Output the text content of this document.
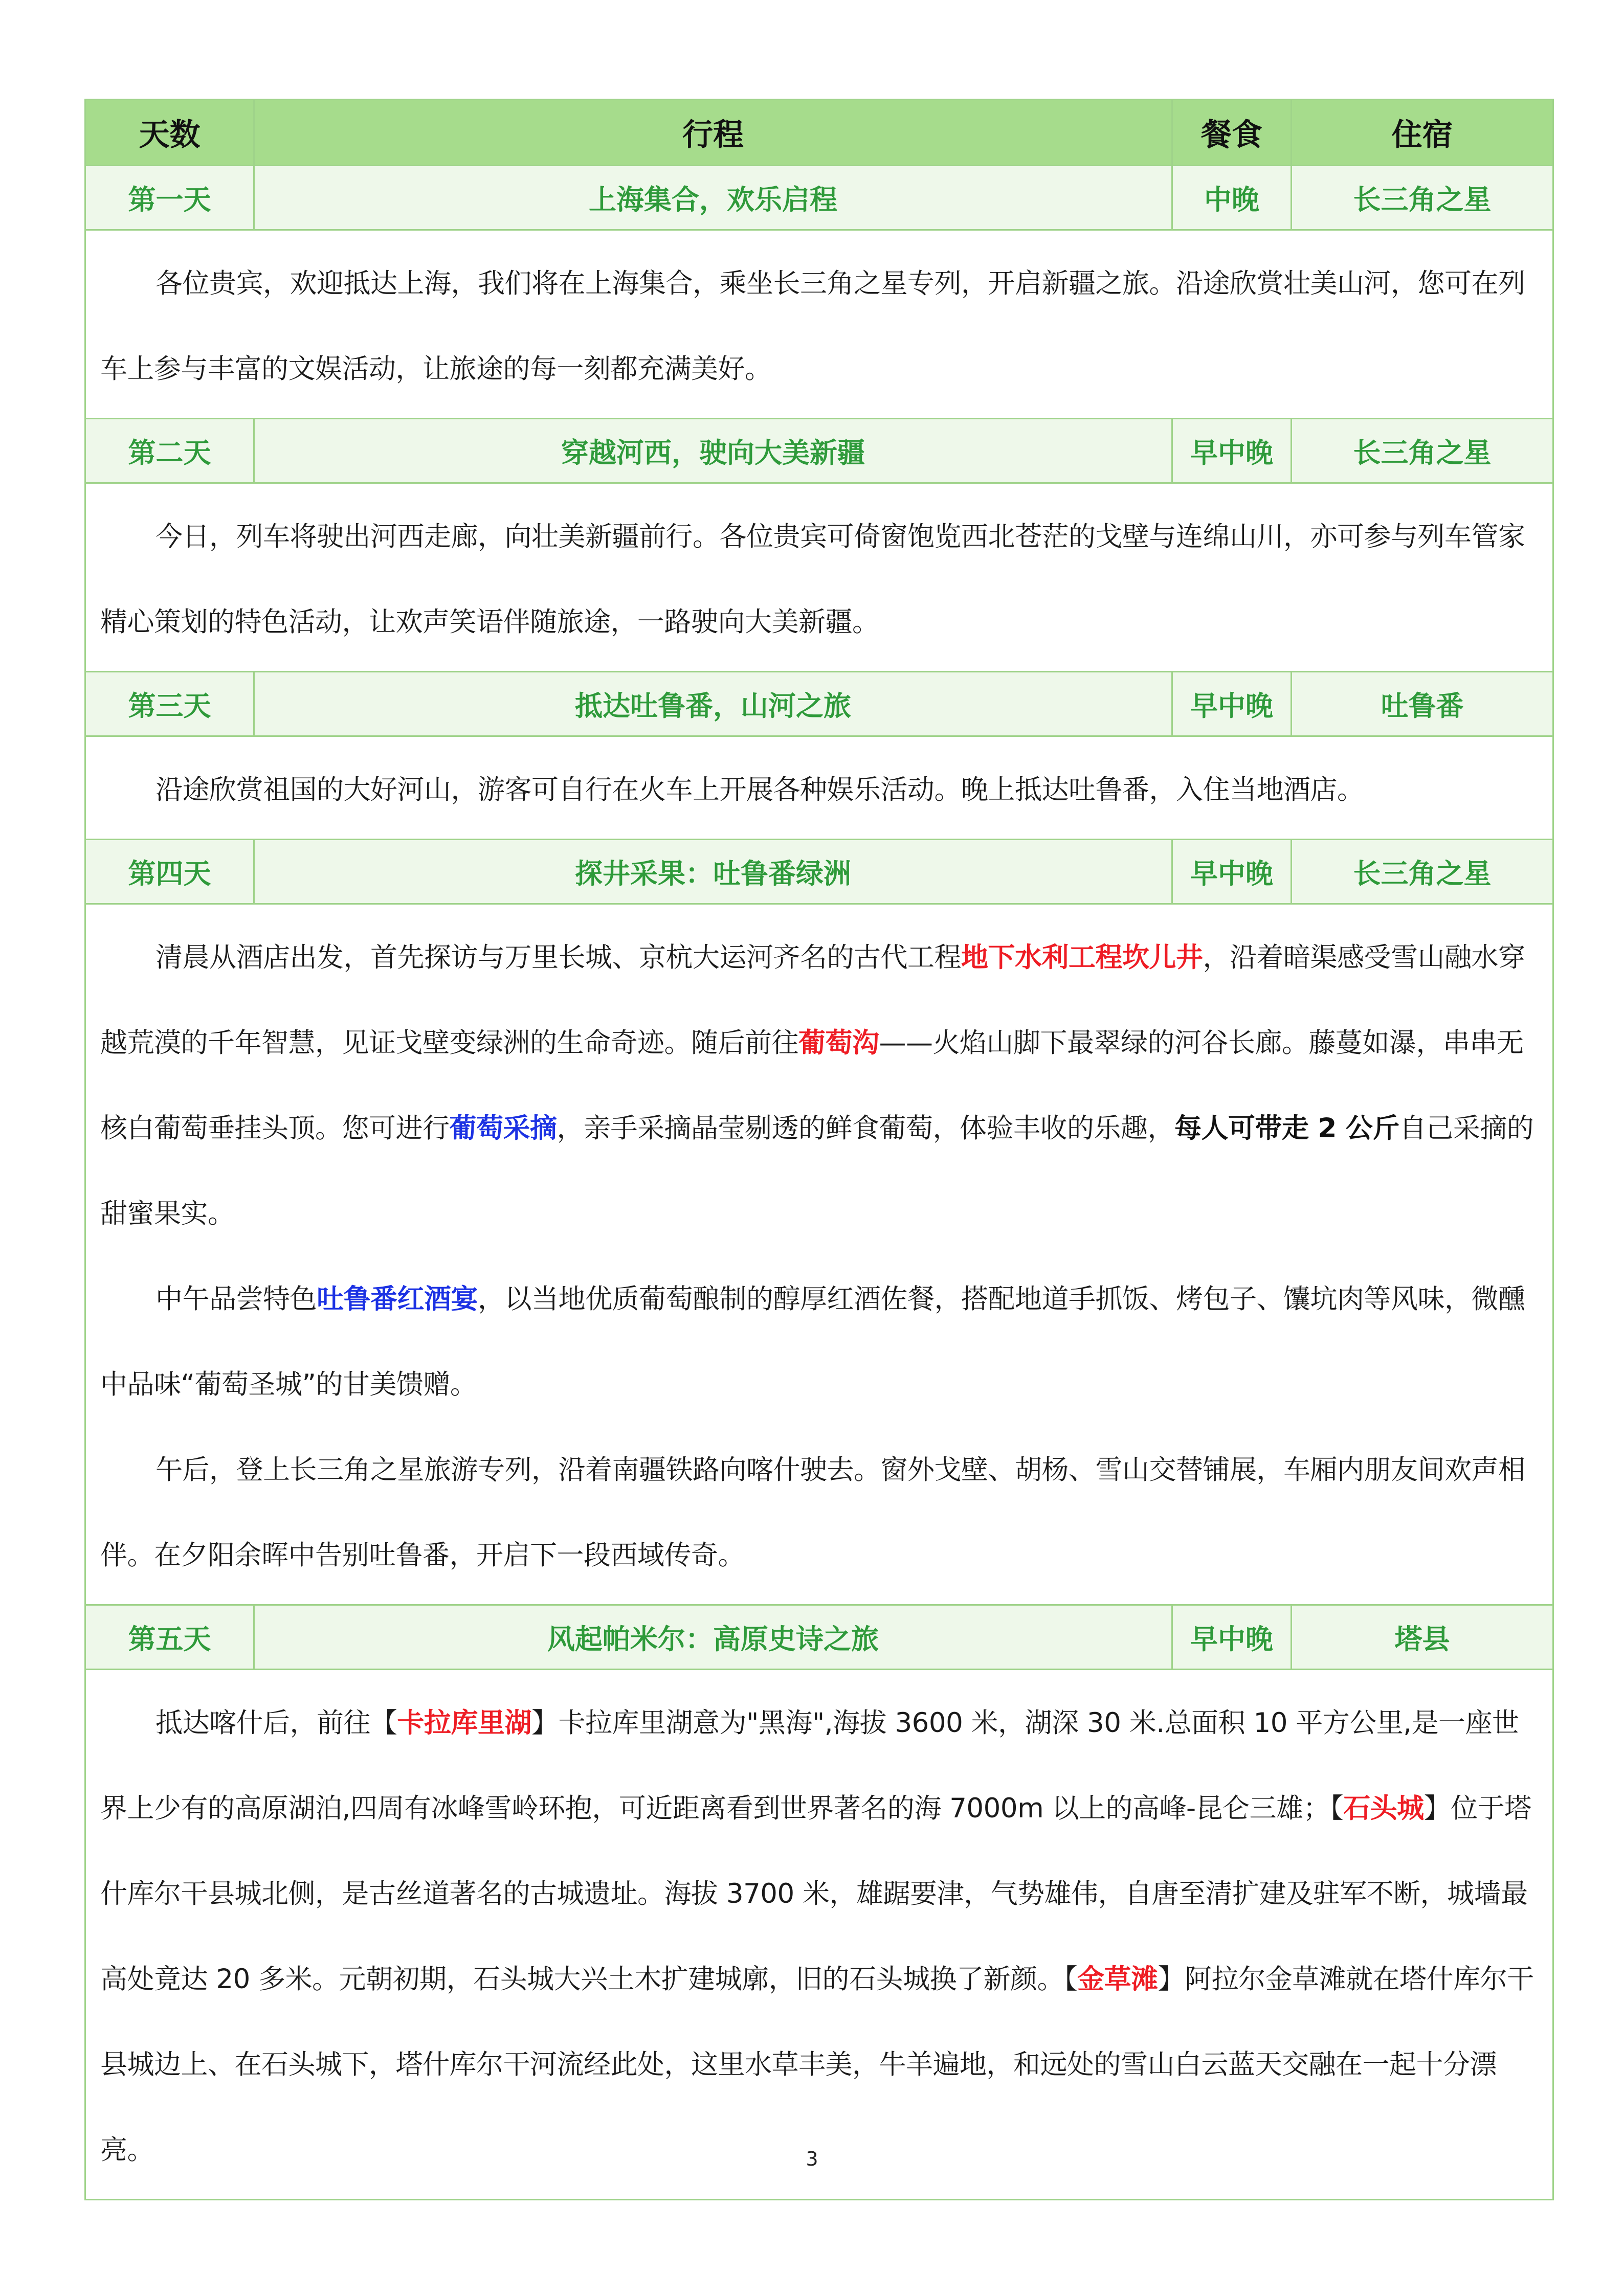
天数	行程	餐食	住宿
第一天	上海集合，欢乐启程	中晚	长三角之星

各位贵宾，欢迎抵达上海，我们将在上海集合，乘坐长三角之星专列，开启新疆之旅。沿途欣赏壮美山河，您可在列车上参与丰富的文娱活动，让旅途的每一刻都充满美好。			

第二天	穿越河西，驶向大美新疆	早中晚	长三角之星

今日，列车将驶出河西走廊，向壮美新疆前行。各位贵宾可倚窗饱览西北苍茫的戈壁与连绵山川，亦可参与列车管家精心策划的特色活动，让欢声笑语伴随旅途，一路驶向大美新疆。			

第三天	抵达吐鲁番，山河之旅	早中晚	吐鲁番

沿途欣赏祖国的大好河山，游客可自行在火车上开展各种娱乐活动。晚上抵达吐鲁番，入住当地酒店。			

第四天	探井采果：吐鲁番绿洲	早中晚	长三角之星

清晨从酒店出发，首先探访与万里长城、京杭大运河齐名的古代工程地下水利工程坎儿井，沿着暗渠感受雪山融水穿越荒漠的千年智慧，见证戈壁变绿洲的生命奇迹。随后前往葡萄沟——火焰山脚下最翠绿的河谷长廊。藤蔓如瀑，串串无核白葡萄垂挂头顶。您可进行葡萄采摘，亲手采摘晶莹剔透的鲜食葡萄，体验丰收的乐趣，每人可带走 2 公斤自己采摘的甜蜜果实。

中午品尝特色吐鲁番红酒宴，以当地优质葡萄酿制的醇厚红酒佐餐，搭配地道手抓饭、烤包子、馕坑肉等风味，微醺中品味“葡萄圣城”的甘美馈赠。

午后，登上长三角之星旅游专列，沿着南疆铁路向喀什驶去。窗外戈壁、胡杨、雪山交替铺展，车厢内朋友间欢声相伴。在夕阳余晖中告别吐鲁番，开启下一段西域传奇。			

第五天	风起帕米尔：高原史诗之旅	早中晚	塔县

抵达喀什后，前往【卡拉库里湖】卡拉库里湖意为"黑海",海拔 3600 米，湖深 30 米.总面积 10 平方公里,是一座世界上少有的高原湖泊,四周有冰峰雪岭环抱，可近距离看到世界著名的海 7000m 以上的高峰-昆仑三雄；【石头城】位于塔什库尔干县城北侧，是古丝道著名的古城遗址。海拔 3700 米，雄踞要津，气势雄伟，自唐至清扩建及驻军不断，城墙最高处竟达 20 多米。元朝初期，石头城大兴土木扩建城廓，旧的石头城换了新颜。【金草滩】阿拉尔金草滩就在塔什库尔干县城边上、在石头城下，塔什库尔干河流经此处，这里水草丰美，牛羊遍地，和远处的雪山白云蓝天交融在一起十分漂亮。				3
